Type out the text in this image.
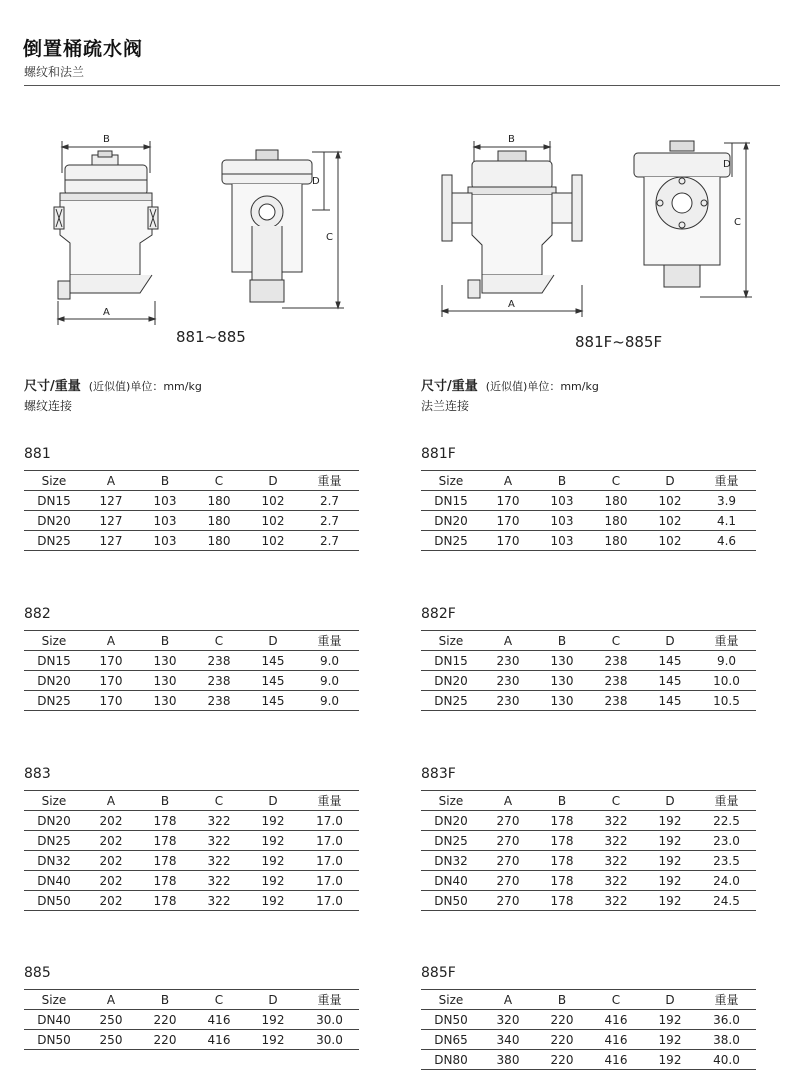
倒置桶疏水阀
螺纹和法兰
B
A
D
C
881~885
B
A
D
C
881F~885F
尺寸/重量 (近似值)单位：mm/kg
螺纹连接
尺寸/重量 (近似值)单位：mm/kg
法兰连接
881
Size	A	B	C	D	重量
DN15	127	103	180	102	2.7
DN20	127	103	180	102	2.7
DN25	127	103	180	102	2.7
881F
Size	A	B	C	D	重量
DN15	170	103	180	102	3.9
DN20	170	103	180	102	4.1
DN25	170	103	180	102	4.6
882
Size	A	B	C	D	重量
DN15	170	130	238	145	9.0
DN20	170	130	238	145	9.0
DN25	170	130	238	145	9.0
882F
Size	A	B	C	D	重量
DN15	230	130	238	145	9.0
DN20	230	130	238	145	10.0
DN25	230	130	238	145	10.5
883
Size	A	B	C	D	重量
DN20	202	178	322	192	17.0
DN25	202	178	322	192	17.0
DN32	202	178	322	192	17.0
DN40	202	178	322	192	17.0
DN50	202	178	322	192	17.0
883F
Size	A	B	C	D	重量
DN20	270	178	322	192	22.5
DN25	270	178	322	192	23.0
DN32	270	178	322	192	23.5
DN40	270	178	322	192	24.0
DN50	270	178	322	192	24.5
885
Size	A	B	C	D	重量
DN40	250	220	416	192	30.0
DN50	250	220	416	192	30.0
885F
Size	A	B	C	D	重量
DN50	320	220	416	192	36.0
DN65	340	220	416	192	38.0
DN80	380	220	416	192	40.0
